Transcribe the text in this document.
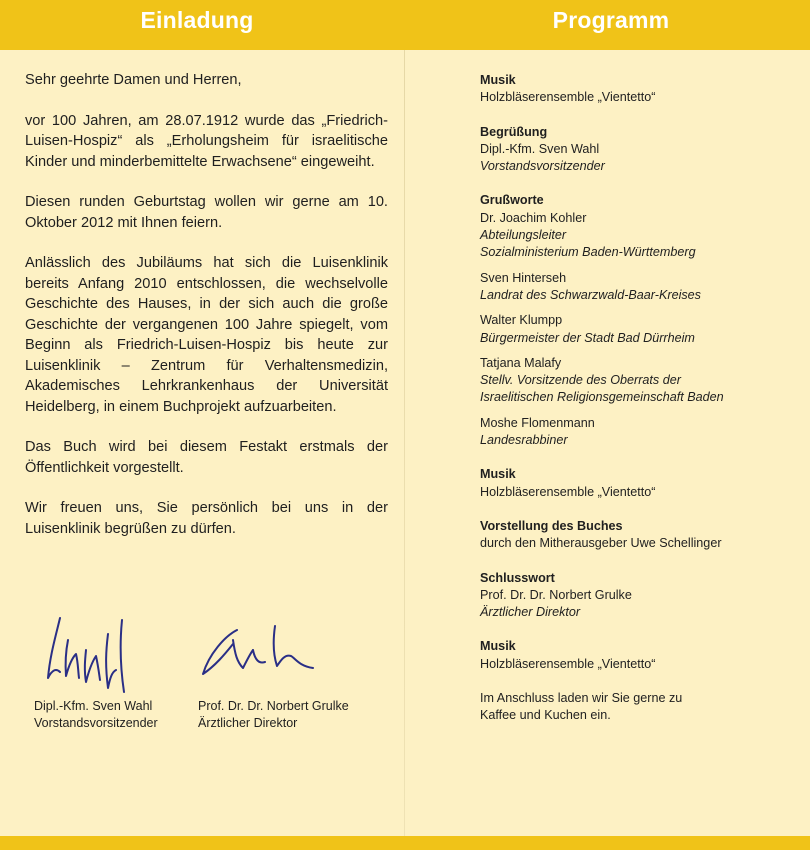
Einladung	Programm

Sehr geehrte Damen und Herren,

vor 100 Jahren, am 28.07.1912 wurde das „Friedrich-Luisen-Hospiz“ als „Erholungsheim für israelitische Kinder und minderbemittelte Erwachsene“ eingeweiht.

Diesen runden Geburtstag wollen wir gerne am 10. Oktober 2012 mit Ihnen feiern.

Anlässlich des Jubiläums hat sich die Luisenklinik bereits Anfang 2010 entschlossen, die wechselvolle Geschichte des Hauses, in der sich auch die große Geschichte der vergangenen 100 Jahre spiegelt, vom Beginn als Friedrich-Luisen-Hospiz bis heute zur Luisenklinik – Zentrum für Verhaltensmedizin, Akademisches Lehrkrankenhaus der Universität Heidelberg, in einem Buchprojekt aufzuarbeiten.

Das Buch wird bei diesem Festakt erstmals der Öffentlichkeit vorgestellt.

Wir freuen uns, Sie persönlich bei uns in der Luisenklinik begrüßen zu dürfen.

Dipl.-Kfm. Sven Wahl
Vorstandsvorsitzender
Prof. Dr. Dr. Norbert Grulke
Ärztlicher Direktor
Musik
Holzbläserensemble „Vientetto“
Begrüßung
Dipl.-Kfm. Sven Wahl
Vorstandsvorsitzender
Grußworte
Dr. Joachim Kohler
Abteilungsleiter
Sozialministerium Baden-Württemberg
Sven Hinterseh
Landrat des Schwarzwald-Baar-Kreises
Walter Klumpp
Bürgermeister der Stadt Bad Dürrheim
Tatjana Malafy
Stellv. Vorsitzende des Oberrats der
Israelitischen Religionsgemeinschaft Baden
Moshe Flomenmann
Landesrabbiner
Musik
Holzbläserensemble „Vientetto“
Vorstellung des Buches
durch den Mitherausgeber Uwe Schellinger
Schlusswort
Prof. Dr. Dr. Norbert Grulke
Ärztlicher Direktor
Musik
Holzbläserensemble „Vientetto“
Im Anschluss laden wir Sie gerne zu
Kaffee und Kuchen ein.
